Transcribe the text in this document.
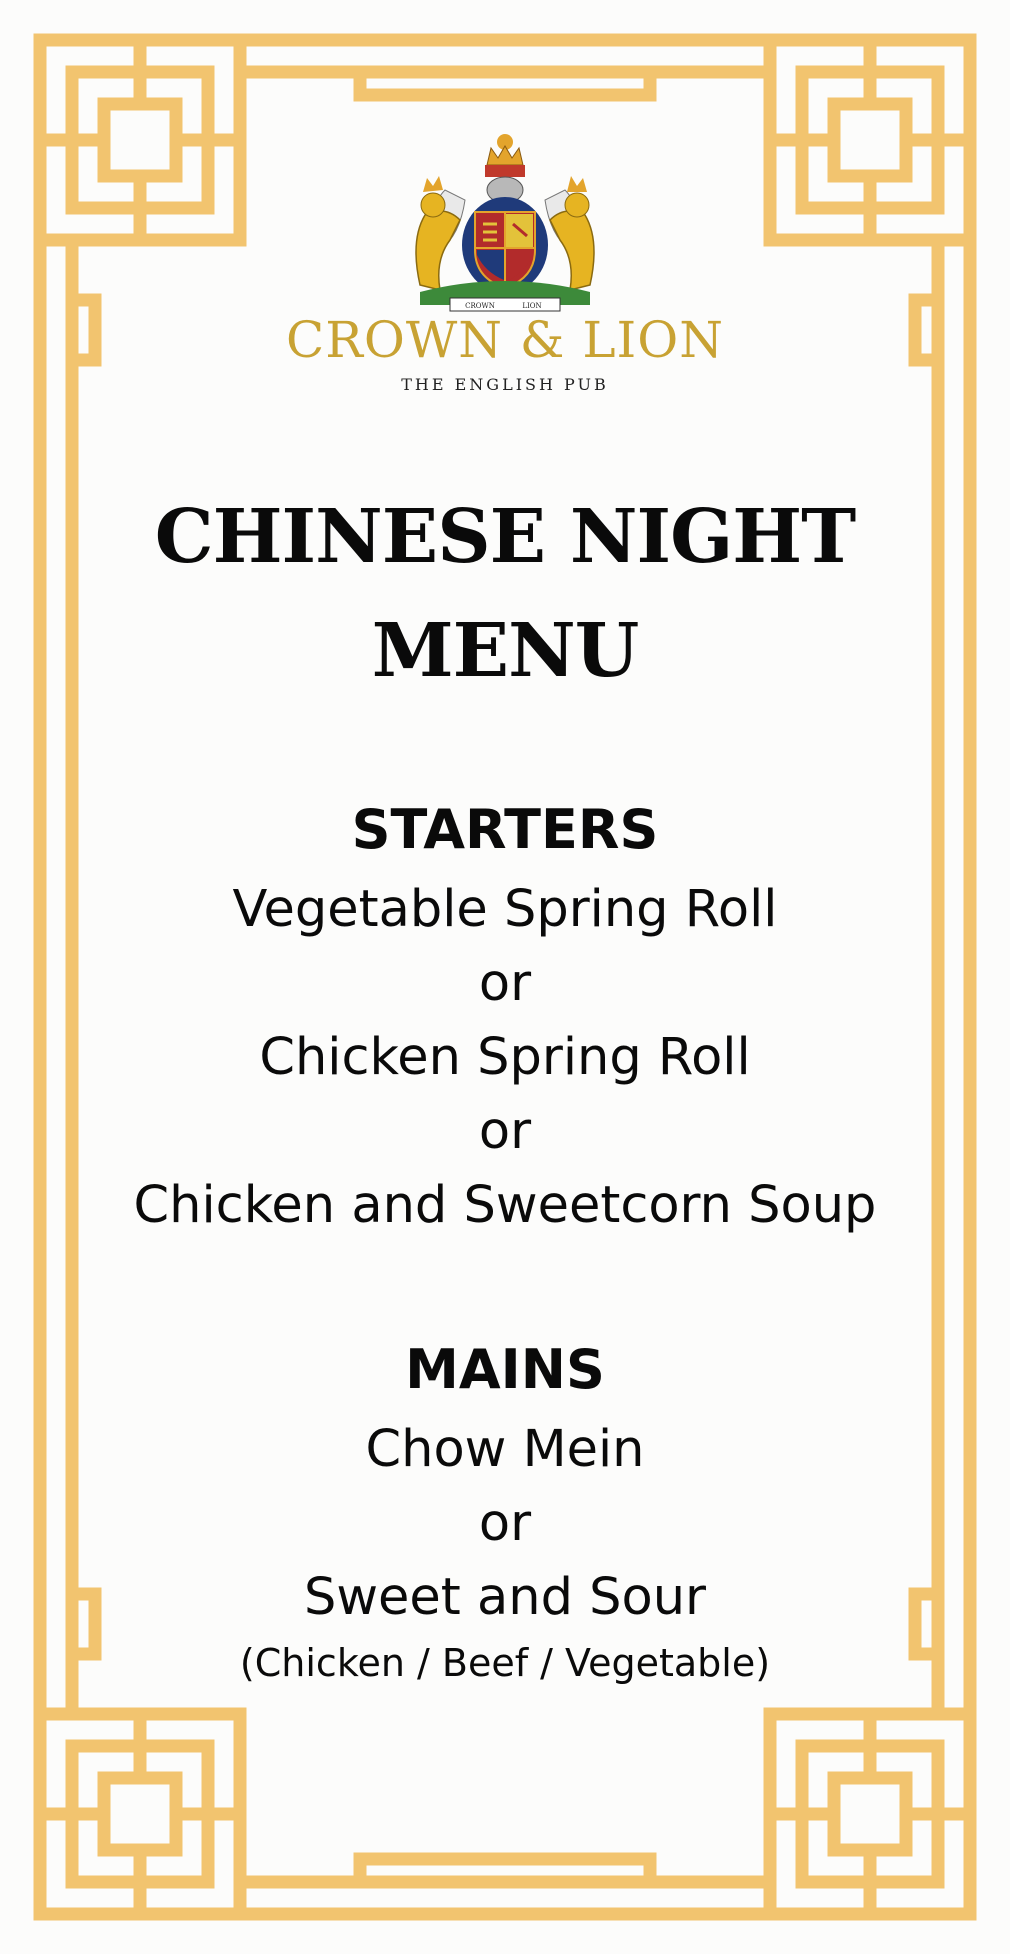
CROWN	LION
CROWN & LION
THE ENGLISH PUB
CHINESE NIGHT
MENU
STARTERS
Vegetable Spring Roll
or
Chicken Spring Roll
or
Chicken and Sweetcorn Soup
MAINS
Chow Mein
or
Sweet and Sour
(Chicken / Beef / Vegetable)
